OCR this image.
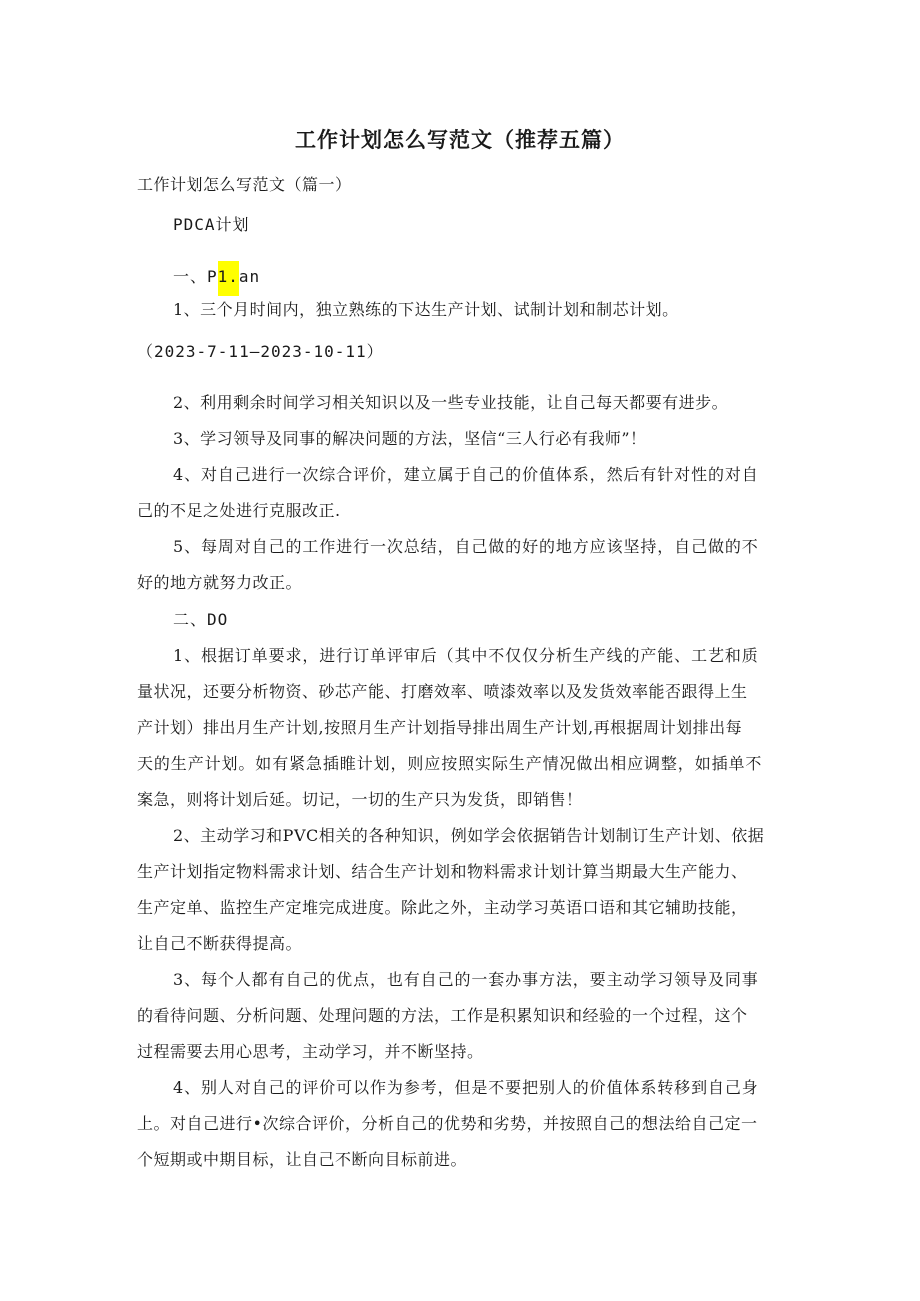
工作计划怎么写范文（推荐五篇）
工作计划怎么写范文（篇一）
PDCA计划
一、P1.an
1、三个月时间内，独立熟练的下达生产计划、试制计划和制芯计划。
（2023-7-11—2023-10-11）
2、利用剩余时间学习相关知识以及一些专业技能，让自己每天都要有进步。
3、学习领导及同事的解决问题的方法，坚信“三人行必有我师”！
4、对自己进行一次综合评价，建立属于自己的价值体系，然后有针对性的对自
己的不足之处进行克服改正.
5、每周对自己的工作进行一次总结，自己做的好的地方应该坚持，自己做的不
好的地方就努力改正。
二、DO
1、根据订单要求，进行订单评审后（其中不仅仅分析生产线的产能、工艺和质
量状况，还要分析物资、砂芯产能、打磨效率、喷漆效率以及发货效率能否跟得上生
产计划）排出月生产计划,按照月生产计划指导排出周生产计划,再根据周计划排出每
天的生产计划。如有紧急插睢计划，则应按照实际生产情况做出相应调整，如插单不
案急，则将计划后延。切记，一切的生产只为发货，即销售！
2、主动学习和PVC相关的各种知识，例如学会依据销告计划制订生产计划、依据
生产计划指定物料需求计划、结合生产计划和物料需求计划计算当期最大生产能力、
生产定单、监控生产定堆完成进度。除此之外，主动学习英语口语和其它辅助技能，
让自己不断获得提高。
3、每个人都有自己的优点，也有自己的一套办事方法，要主动学习领导及同事
的看待问题、分析问题、处理问题的方法，工作是积累知识和经验的一个过程，这个
过程需要去用心思考，主动学习，并不断坚持。
4、别人对自己的评价可以作为参考，但是不要把别人的价值体系转移到自己身
上。对自己进行•次综合评价，分析自己的优势和劣势，并按照自己的想法给自己定一
个短期或中期目标，让自己不断向目标前进。
